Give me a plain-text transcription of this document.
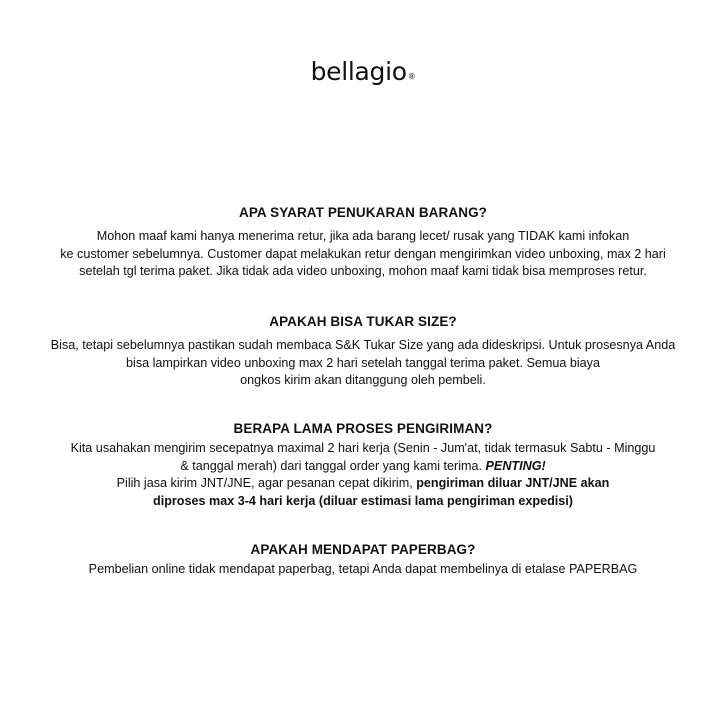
bellagio®

APA SYARAT PENUKARAN BARANG?

Mohon maaf kami hanya menerima retur, jika ada barang lecet/ rusak yang TIDAK kami infokan

ke customer sebelumnya. Customer dapat melakukan retur dengan mengirimkan video unboxing, max 2 hari

setelah tgl terima paket. Jika tidak ada video unboxing, mohon maaf kami tidak bisa memproses retur.

APAKAH BISA TUKAR SIZE?

Bisa, tetapi sebelumnya pastikan sudah membaca S&K Tukar Size yang ada dideskripsi. Untuk prosesnya Anda

bisa lampirkan video unboxing max 2 hari setelah tanggal terima paket. Semua biaya

ongkos kirim akan ditanggung oleh pembeli.

BERAPA LAMA PROSES PENGIRIMAN?

Kita usahakan mengirim secepatnya maximal 2 hari kerja (Senin - Jum'at, tidak termasuk Sabtu - Minggu

& tanggal merah) dari tanggal order yang kami terima. PENTING!

Pilih jasa kirim JNT/JNE, agar pesanan cepat dikirim, pengiriman diluar JNT/JNE akan

diproses max 3-4 hari kerja (diluar estimasi lama pengiriman expedisi)

APAKAH MENDAPAT PAPERBAG?

Pembelian online tidak mendapat paperbag, tetapi Anda dapat membelinya di etalase PAPERBAG
